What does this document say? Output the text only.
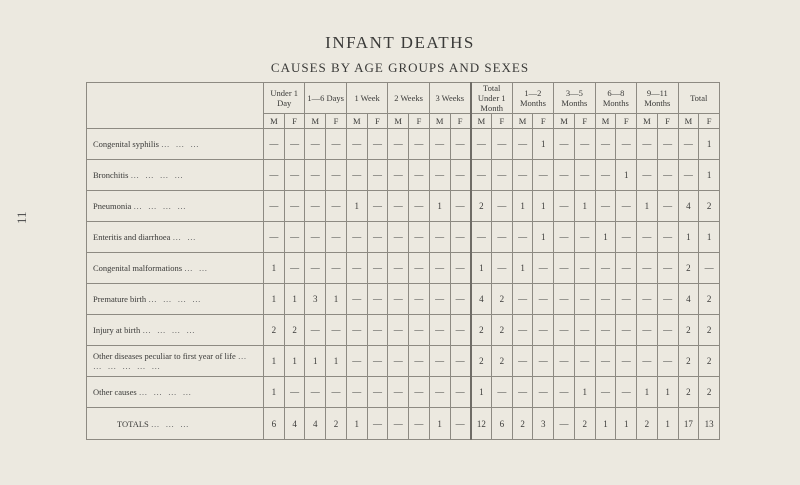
11
INFANT DEATHS
CAUSES BY AGE GROUPS AND SEXES
	Under 1 Day		1—6 Days		1 Week		2 Weeks		3 Weeks		Total Under 1 Month		1—2 Months		3—5 Months		6—8 Months		9—11 Months		Total	
	M	F	M	F	M	F	M	F	M	F	M	F	M	F	M	F	M	F	M	F	M	F
Congenital syphilis … … …	—	—	—	—	—	—	—	—	—	—	—	—	—	1	—	—	—	—	—	—	—	1
Bronchitis … … … …	—	—	—	—	—	—	—	—	—	—	—	—	—	—	—	—	—	1	—	—	—	1
Pneumonia … … … …	—	—	—	—	1	—	—	—	1	—	2	—	1	1	—	1	—	—	1	—	4	2
Enteritis and diarrhoea … …	—	—	—	—	—	—	—	—	—	—	—	—	—	1	—	—	1	—	—	—	1	1
Congenital malformations … …	1	—	—	—	—	—	—	—	—	—	1	—	1	—	—	—	—	—	—	—	2	—
Premature birth … … … …	1	1	3	1	—	—	—	—	—	—	4	2	—	—	—	—	—	—	—	—	4	2
Injury at birth … … … …	2	2	—	—	—	—	—	—	—	—	2	2	—	—	—	—	—	—	—	—	2	2
Other diseases peculiar to first year of life … … … … … …	1	1	1	1	—	—	—	—	—	—	2	2	—	—	—	—	—	—	—	—	2	2
Other causes … … … …	1	—	—	—	—	—	—	—	—	—	1	—	—	—	—	1	—	—	1	1	2	2
TOTALS … … …	6	4	4	2	1	—	—	—	1	—	12	6	2	3	—	2	1	1	2	1	17	13
